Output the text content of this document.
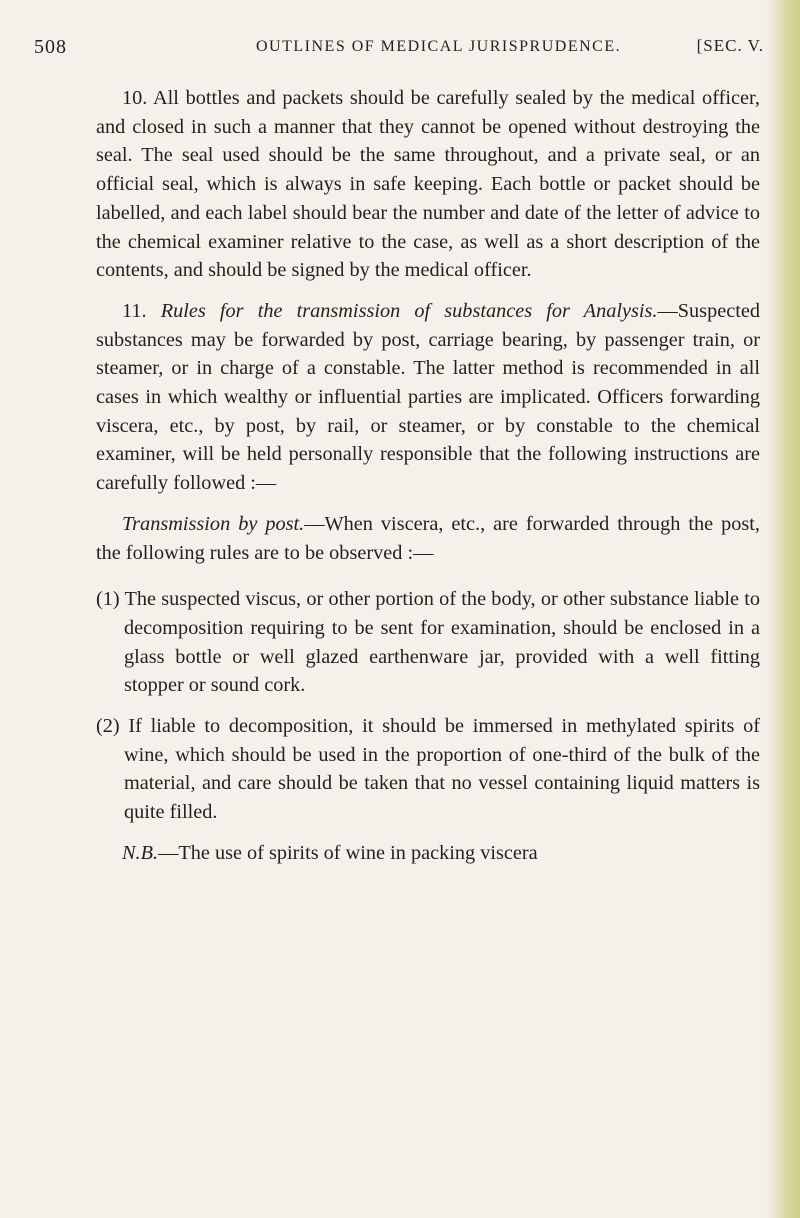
508	OUTLINES OF MEDICAL JURISPRUDENCE.	[SEC. V.

10. All bottles and packets should be carefully sealed by the medical officer, and closed in such a manner that they cannot be opened without destroying the seal. The seal used should be the same throughout, and a private seal, or an official seal, which is always in safe keeping. Each bottle or packet should be labelled, and each label should bear the number and date of the letter of advice to the chemical examiner relative to the case, as well as a short description of the contents, and should be signed by the medical officer.

11. Rules for the transmission of substances for Analysis.—Suspected substances may be forwarded by post, carriage bearing, by passenger train, or steamer, or in charge of a constable. The latter method is recommended in all cases in which wealthy or influential parties are implicated. Officers forwarding viscera, etc., by post, by rail, or steamer, or by constable to the chemical examiner, will be held personally responsible that the following instructions are carefully followed :—

Transmission by post.—When viscera, etc., are forwarded through the post, the following rules are to be observed :—

(1) The suspected viscus, or other portion of the body, or other substance liable to decomposition requiring to be sent for examination, should be enclosed in a glass bottle or well glazed earthenware jar, provided with a well fitting stopper or sound cork.

(2) If liable to decomposition, it should be immersed in methylated spirits of wine, which should be used in the proportion of one-third of the bulk of the material, and care should be taken that no vessel containing liquid matters is quite filled.

N.B.—The use of spirits of wine in packing viscera
